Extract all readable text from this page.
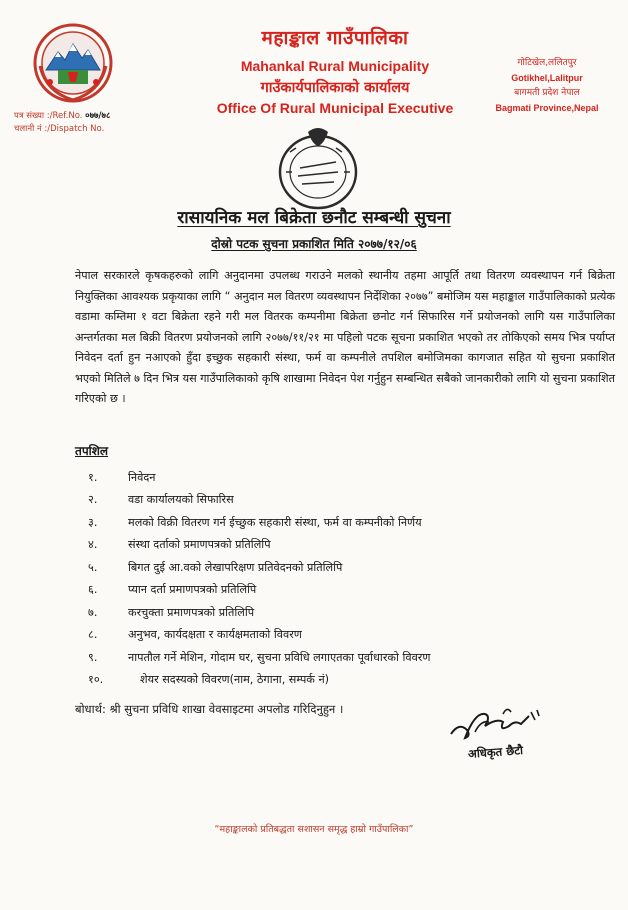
पत्र संख्या :/Ref.No. ०७७/७८
चलानी नं :/Dispatch No.
महाङ्काल गाउँपालिका
Mahankal Rural Municipality
गाउँकार्यपालिकाको कार्यालय
Office Of Rural Municipal Executive
गोटिखेल,ललितपुर
Gotikhel,Lalitpur
बागमती प्रदेश नेपाल
Bagmati Province,Nepal
रासायनिक मल बिक्रेता छनौट सम्बन्धी सुचना
दोस्रो पटक सुचना प्रकाशित मिति २०७७/१२/०६
नेपाल सरकारले कृषकहरुको लागि अनुदानमा उपलब्ध गराउने मलको स्थानीय तहमा आपूर्ति तथा वितरण व्यवस्थापन गर्न बिक्रेता नियुक्तिका आवश्यक प्रकृयाका लागि “ अनुदान मल वितरण व्यवस्थापन निर्देशिका २०७७” बमोजिम यस महाङ्काल गाउँपालिकाको प्रत्येक वडामा कम्तिमा १ वटा बिक्रेता रहने गरी मल वितरक कम्पनीमा बिक्रेता छनोट गर्न सिफारिस गर्ने प्रयोजनको लागि यस गाउँपालिका अन्तर्गतका मल बिक्री वितरण प्रयोजनको लागि २०७७/११/२१ मा पहिलो पटक सूचना प्रकाशित भएको तर तोकिएको समय भित्र पर्याप्त निवेदन दर्ता हुन नआएको हुँदा इच्छुक सहकारी संस्था, फर्म वा कम्पनीले तपशिल बमोजिमका कागजात सहित यो सुचना प्रकाशित भएको मितिले ७ दिन भित्र यस गाउँपालिकाको कृषि शाखामा निवेदन पेश गर्नुहुन सम्बन्धित सबैको जानकारीको लागि यो सुचना प्रकाशित गरिएको छ ।
तपशिल
१.	निवेदन
२.	वडा कार्यालयको सिफारिस
३.	मलको विक्री वितरण गर्न ईच्छुक सहकारी संस्था, फर्म वा कम्पनीको निर्णय
४.	संस्था दर्ताको प्रमाणपत्रको प्रतिलिपि
५.	बिगत दुई आ.वको लेखापरिक्षण प्रतिवेदनको प्रतिलिपि
६.	प्यान दर्ता प्रमाणपत्रको प्रतिलिपि
७.	करचुक्ता प्रमाणपत्रको प्रतिलिपि
८.	अनुभव, कार्यदक्षता र कार्यक्षमताको विवरण
९.	नापतौल गर्ने मेशिन, गोदाम घर, सुचना प्रविधि लगाएतका पूर्वाधारको विवरण
१०.	शेयर सदस्यको विवरण(नाम, ठेगाना, सम्पर्क नं)
बोधार्थ: श्री सुचना प्रविधि शाखा वेवसाइटमा अपलोड गरिदिनुहुन ।
अधिकृत छैटौ
“महाङ्कालको प्रतिबद्धता सशासन समृद्ध हाम्रो गाउँपालिका”
